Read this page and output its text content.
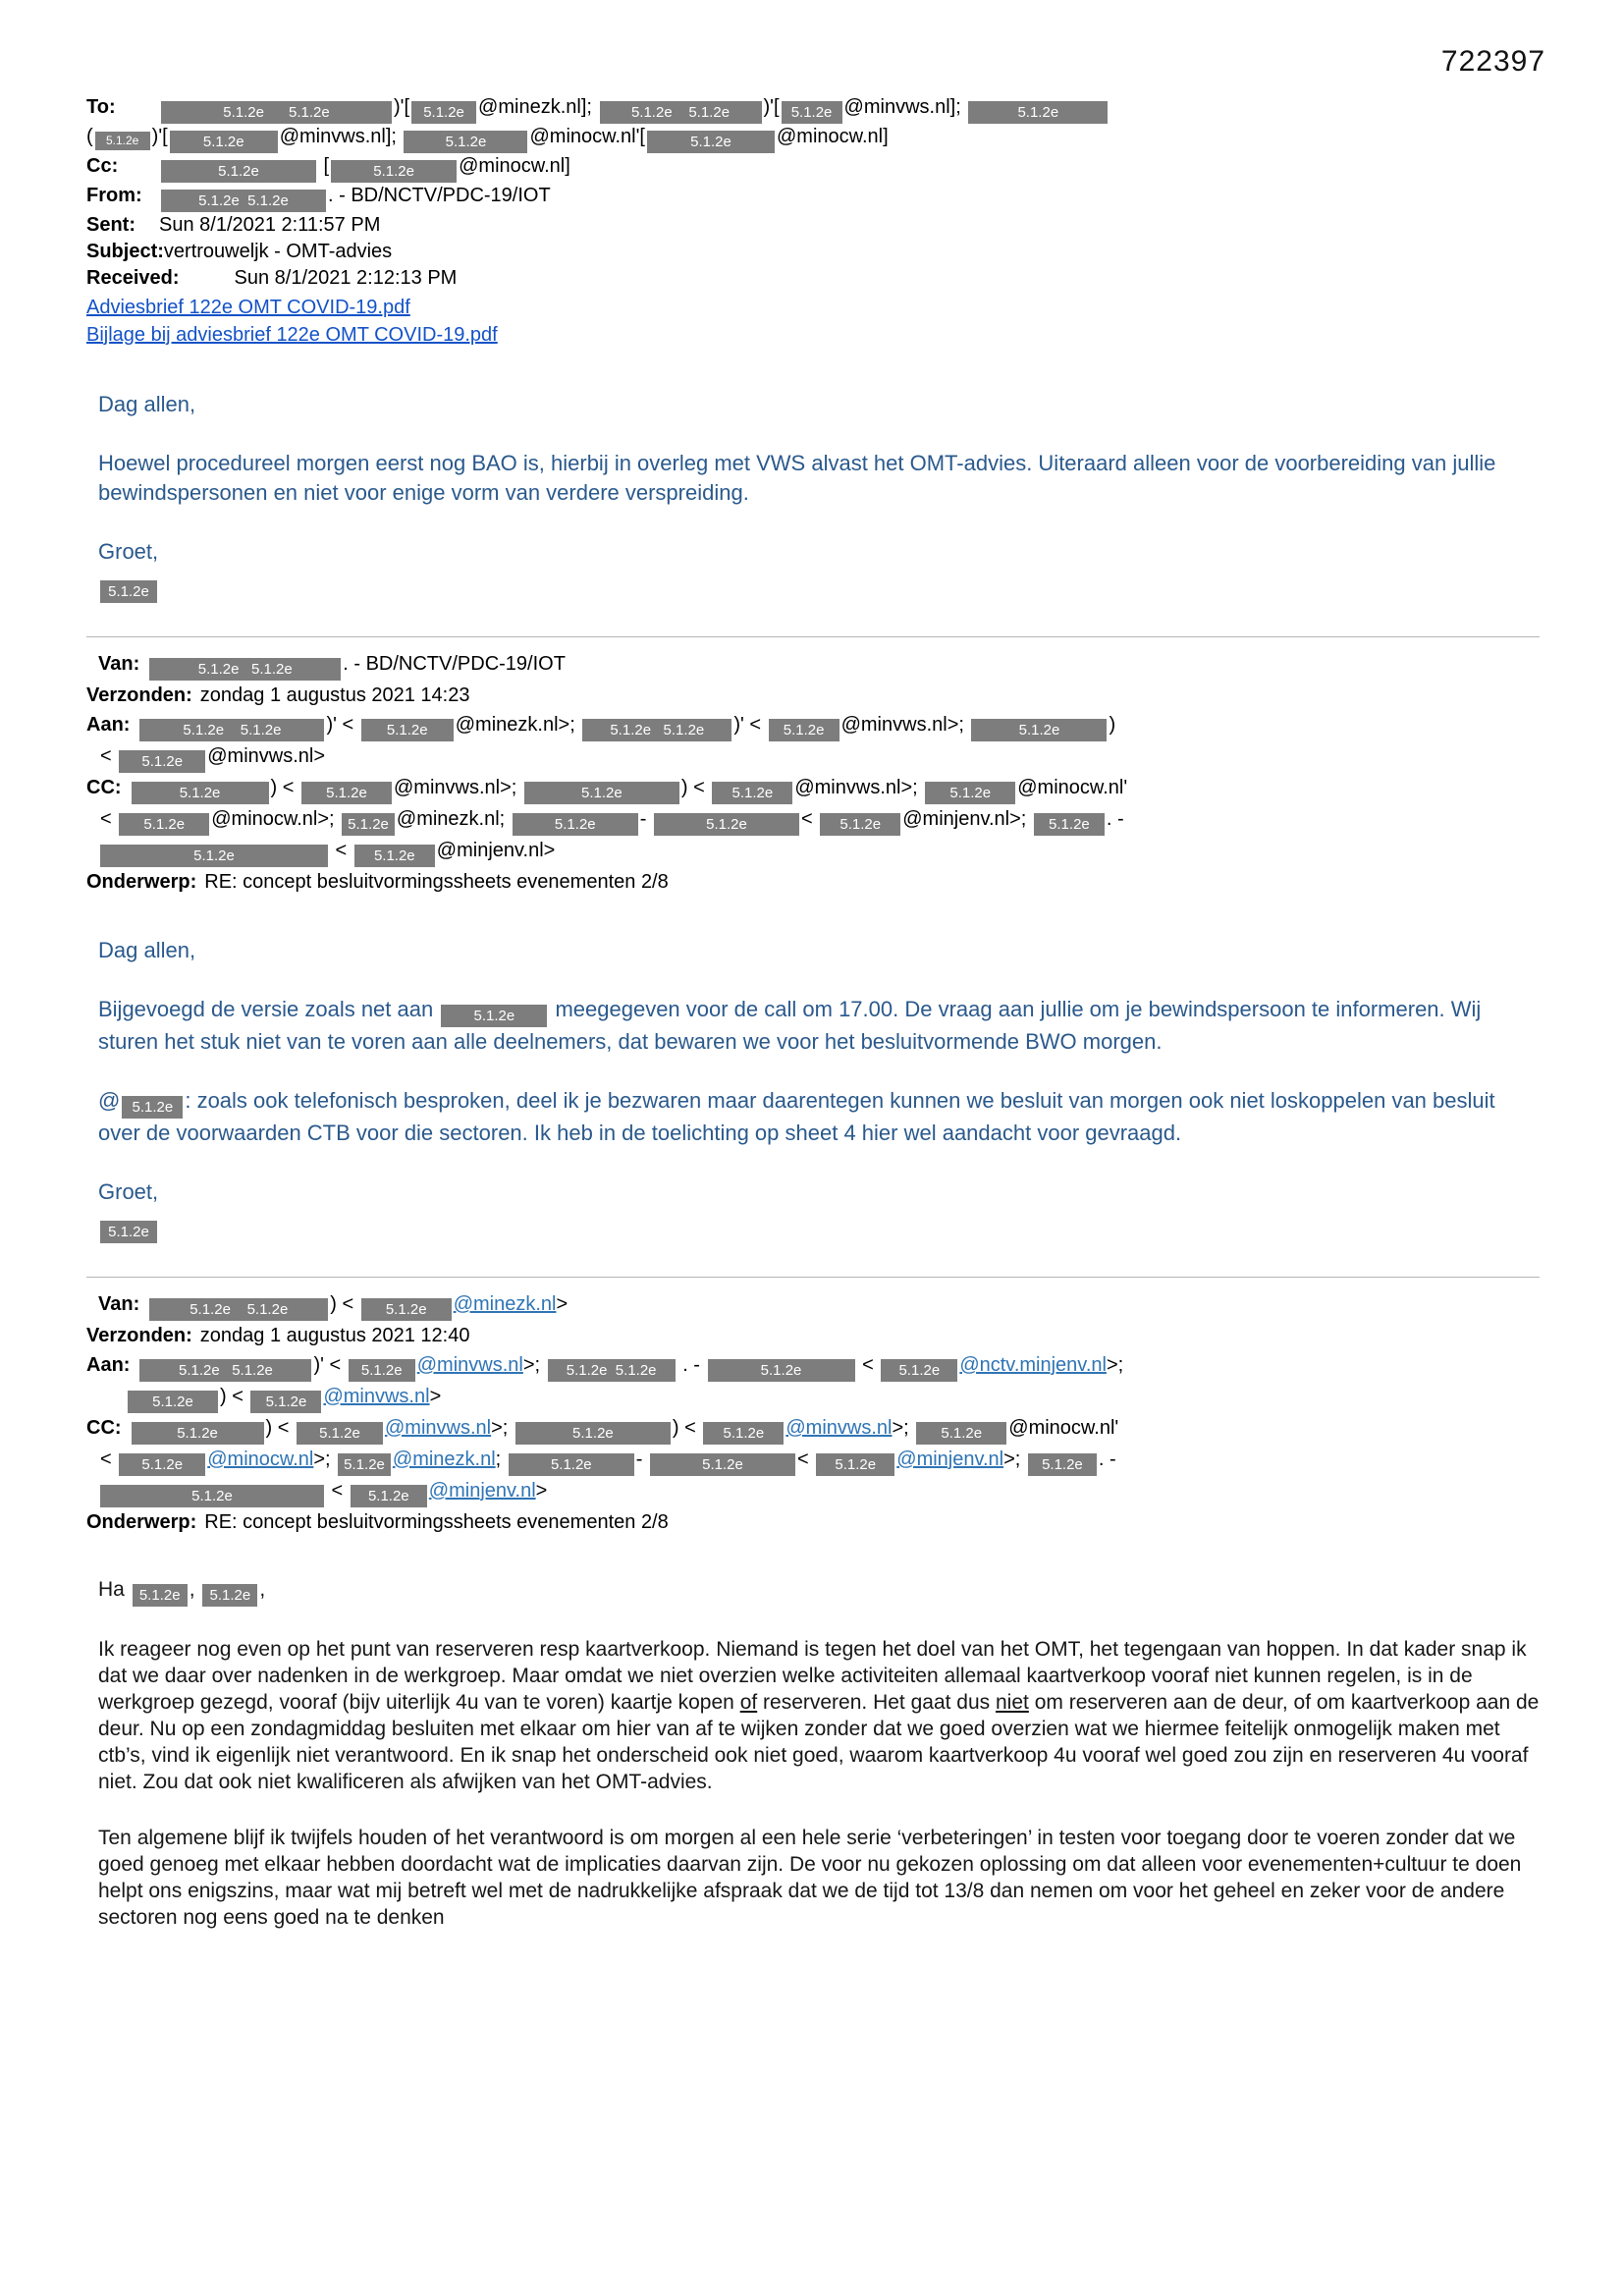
722397
To:	5.1.2e      5.1.2e	)'[ 5.1.2e @minezk.nl]; 5.1.2e    5.1.2e )'[ 5.1.2e @minvws.nl];	5.1.2e
( 5.1.2e )'[ 5.1.2e @minvws.nl];	5.1.2e @minocw.nl'[	5.1.2e @minocw.nl]
Cc:	5.1.2e	[	5.1.2e @minocw.nl]
From:	5.1.2e  5.1.2e . - BD/NCTV/PDC-19/IOT
Sent: Sun 8/1/2021 2:11:57 PM
Subject:vertrouweljk - OMT-advies
Received:	Sun 8/1/2021 2:12:13 PM
Adviesbrief 122e OMT COVID-19.pdf
Bijlage bij adviesbrief 122e OMT COVID-19.pdf
Dag allen,
Hoewel procedureel morgen eerst nog BAO is, hierbij in overleg met VWS alvast het OMT-advies. Uiteraard alleen voor de voorbereiding van jullie bewindspersonen en niet voor enige vorm van verdere verspreiding.
Groet,
5.1.2e
Van:	5.1.2e   5.1.2e	. - BD/NCTV/PDC-19/IOT
Verzonden: zondag 1 augustus 2021 14:23
Aan:	5.1.2e    5.1.2e )' < 5.1.2e @minezk.nl>; 5.1.2e   5.1.2e )' < 5.1.2e @minvws.nl>;	5.1.2e	)
< 5.1.2e @minvws.nl>
CC:	5.1.2e	) < 5.1.2e @minvws.nl>;	5.1.2e	) < 5.1.2e @minvws.nl>; 5.1.2e @minocw.nl'
< 5.1.2e @minocw.nl>; 5.1.2e @minezk.nl;	5.1.2e -	5.1.2e	< 5.1.2e @minjenv.nl>; 5.1.2e . -
5.1.2e	< 5.1.2e @minjenv.nl>
Onderwerp: RE: concept besluitvormingssheets evenementen 2/8
Dag allen,
Bijgevoegd de versie zoals net aan 5.1.2e meegegeven voor de call om 17.00. De vraag aan jullie om je bewindspersoon te informeren. Wij sturen het stuk niet van te voren aan alle deelnemers, dat bewaren we voor het besluitvormende BWO morgen.
@ 5.1.2e : zoals ook telefonisch besproken, deel ik je bezwaren maar daarentegen kunnen we besluit van morgen ook niet loskoppelen van besluit over de voorwaarden CTB voor die sectoren. Ik heb in de toelichting op sheet 4 hier wel aandacht voor gevraagd.
Groet,
5.1.2e
Van:	5.1.2e    5.1.2e ) < 5.1.2e @minezk.nl>
Verzonden: zondag 1 augustus 2021 12:40
Aan:	5.1.2e   5.1.2e )' < 5.1.2e @minvws.nl>; 5.1.2e  5.1.2e . -	5.1.2e	< 5.1.2e @nctv.minjenv.nl>;
5.1.2e ) < 5.1.2e @minvws.nl>
CC:	5.1.2e ) < 5.1.2e @minvws.nl>;	5.1.2e	) < 5.1.2e @minvws.nl>; 5.1.2e @minocw.nl'
< 5.1.2e @minocw.nl>; 5.1.2e @minezk.nl;	5.1.2e -	5.1.2e	< 5.1.2e @minjenv.nl>; 5.1.2e . -
5.1.2e	< 5.1.2e @minjenv.nl>
Onderwerp: RE: concept besluitvormingssheets evenementen 2/8
Ha 5.1.2e , 5.1.2e ,
Ik reageer nog even op het punt van reserveren resp kaartverkoop. Niemand is tegen het doel van het OMT, het tegengaan van hoppen. In dat kader snap ik dat we daar over nadenken in de werkgroep. Maar omdat we niet overzien welke activiteiten allemaal kaartverkoop vooraf niet kunnen regelen, is in de werkgroep gezegd, vooraf (bijv uiterlijk 4u van te voren) kaartje kopen of reserveren. Het gaat dus niet om reserveren aan de deur, of om kaartverkoop aan de deur. Nu op een zondagmiddag besluiten met elkaar om hier van af te wijken zonder dat we goed overzien wat we hiermee feitelijk onmogelijk maken met ctb’s, vind ik eigenlijk niet verantwoord. En ik snap het onderscheid ook niet goed, waarom kaartverkoop 4u vooraf wel goed zou zijn en reserveren 4u vooraf niet. Zou dat ook niet kwalificeren als afwijken van het OMT-advies.
Ten algemene blijf ik twijfels houden of het verantwoord is om morgen al een hele serie ‘verbeteringen’ in testen voor toegang door te voeren zonder dat we goed genoeg met elkaar hebben doordacht wat de implicaties daarvan zijn. De voor nu gekozen oplossing om dat alleen voor evenementen+cultuur te doen helpt ons enigszins, maar wat mij betreft wel met de nadrukkelijke afspraak dat we de tijd tot 13/8 dan nemen om voor het geheel en zeker voor de andere sectoren nog eens goed na te denken
